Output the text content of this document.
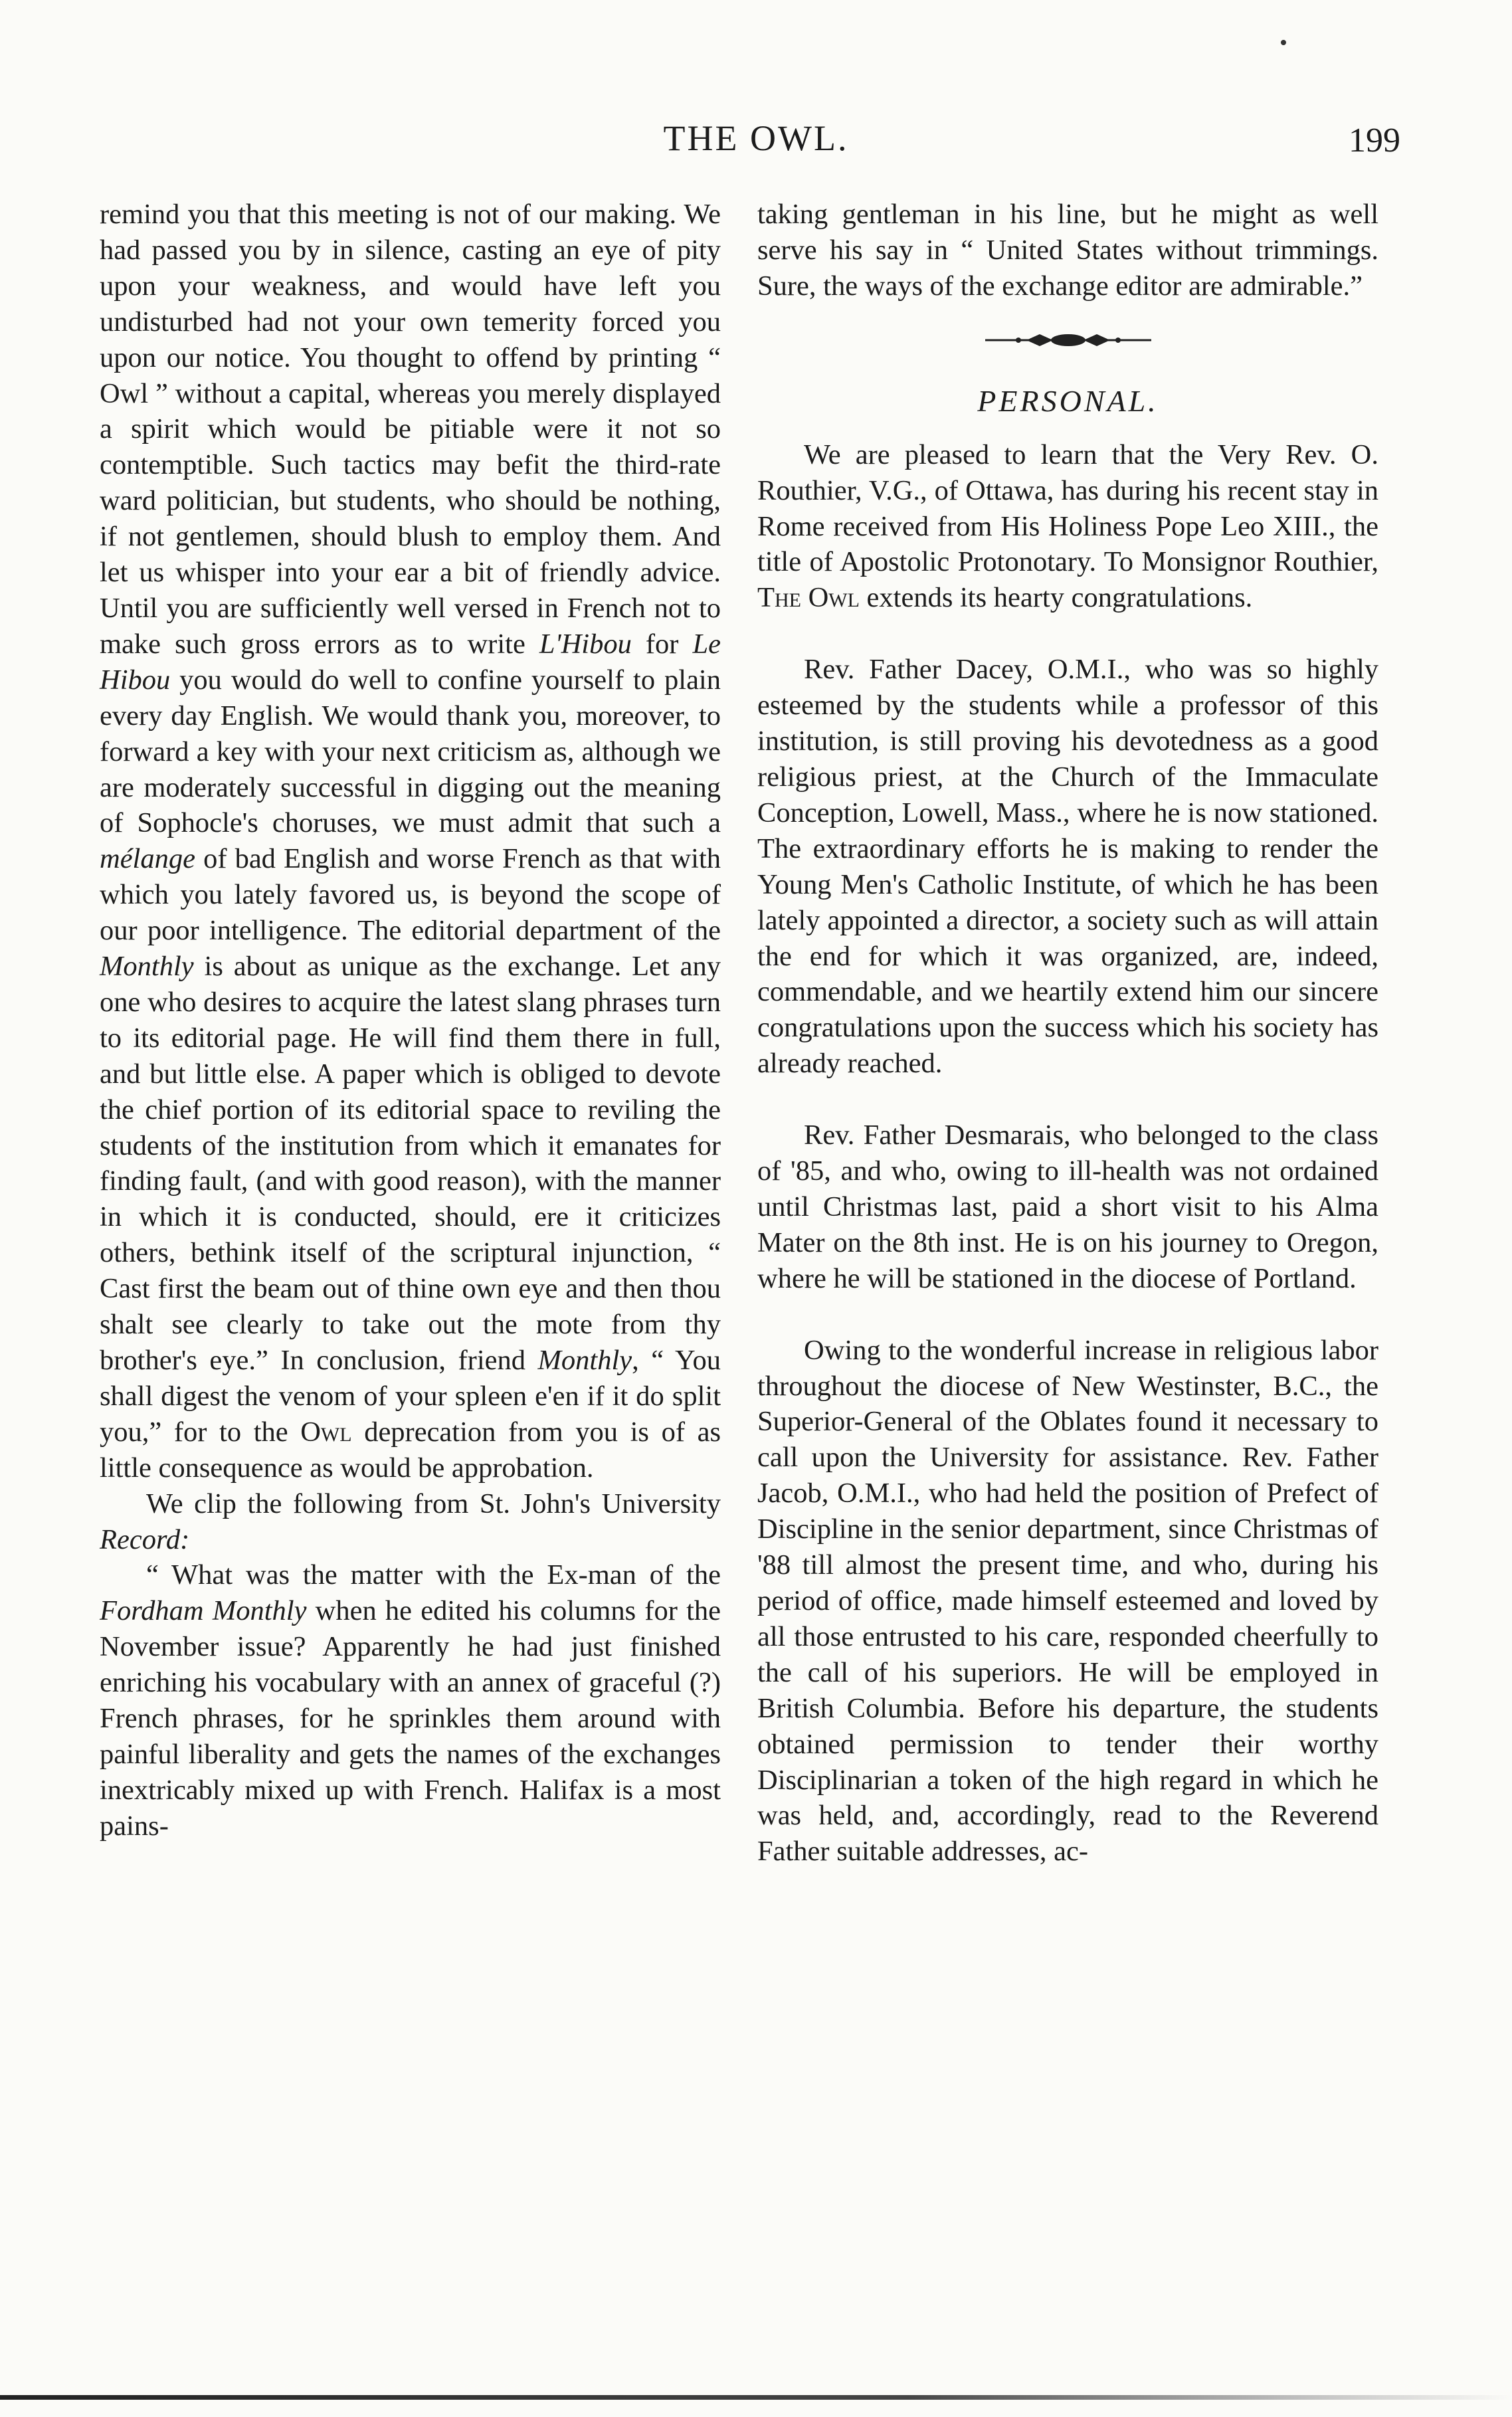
THE OWL.	199

remind you that this meeting is not of our making. We had passed you by in silence, casting an eye of pity upon your weakness, and would have left you undisturbed had not your own temerity forced you upon our notice. You thought to offend by printing “ Owl ” without a capital, whereas you merely displayed a spirit which would be pitiable were it not so contemptible. Such tactics may befit the third-rate ward politician, but students, who should be nothing, if not gentlemen, should blush to employ them. And let us whisper into your ear a bit of friendly advice. Until you are sufficiently well versed in French not to make such gross errors as to write L'Hibou for Le Hibou you would do well to confine yourself to plain every day English. We would thank you, moreover, to forward a key with your next criticism as, although we are moderately successful in digging out the meaning of Sophocle's choruses, we must admit that such a mélange of bad English and worse French as that with which you lately favored us, is beyond the scope of our poor intelligence. The editorial department of the Monthly is about as unique as the exchange. Let any one who desires to acquire the latest slang phrases turn to its editorial page. He will find them there in full, and but little else. A paper which is obliged to devote the chief portion of its editorial space to reviling the students of the institution from which it emanates for finding fault, (and with good reason), with the manner in which it is conducted, should, ere it criticizes others, bethink itself of the scriptural injunction, “ Cast first the beam out of thine own eye and then thou shalt see clearly to take out the mote from thy brother's eye.” In conclusion, friend Monthly, “ You shall digest the venom of your spleen e'en if it do split you,” for to the Owl deprecation from you is of as little consequence as would be approbation.

We clip the following from St. John's University Record:

“ What was the matter with the Ex-man of the Fordham Monthly when he edited his columns for the November issue? Apparently he had just finished enriching his vocabulary with an annex of graceful (?) French phrases, for he sprinkles them around with painful liberality and gets the names of the exchanges inextricably mixed up with French. Halifax is a most pains-

taking gentleman in his line, but he might as well serve his say in “ United States without trimmings. Sure, the ways of the exchange editor are admirable.”

PERSONAL.

We are pleased to learn that the Very Rev. O. Routhier, V.G., of Ottawa, has during his recent stay in Rome received from His Holiness Pope Leo XIII., the title of Apostolic Protonotary. To Monsignor Routhier, The Owl extends its hearty congratulations.

Rev. Father Dacey, O.M.I., who was so highly esteemed by the students while a professor of this institution, is still proving his devotedness as a good religious priest, at the Church of the Immaculate Conception, Lowell, Mass., where he is now stationed. The extraordinary efforts he is making to render the Young Men's Catholic Institute, of which he has been lately appointed a director, a society such as will attain the end for which it was organized, are, indeed, commendable, and we heartily extend him our sincere congratulations upon the success which his society has already reached.

Rev. Father Desmarais, who belonged to the class of '85, and who, owing to ill-health was not ordained until Christmas last, paid a short visit to his Alma Mater on the 8th inst. He is on his journey to Oregon, where he will be stationed in the diocese of Portland.

Owing to the wonderful increase in religious labor throughout the diocese of New Westinster, B.C., the Superior-General of the Oblates found it necessary to call upon the University for assistance. Rev. Father Jacob, O.M.I., who had held the position of Prefect of Discipline in the senior department, since Christmas of '88 till almost the present time, and who, during his period of office, made himself esteemed and loved by all those entrusted to his care, responded cheerfully to the call of his superiors. He will be employed in British Columbia. Before his departure, the students obtained permission to tender their worthy Disciplinarian a token of the high regard in which he was held, and, accordingly, read to the Reverend Father suitable addresses, ac-
